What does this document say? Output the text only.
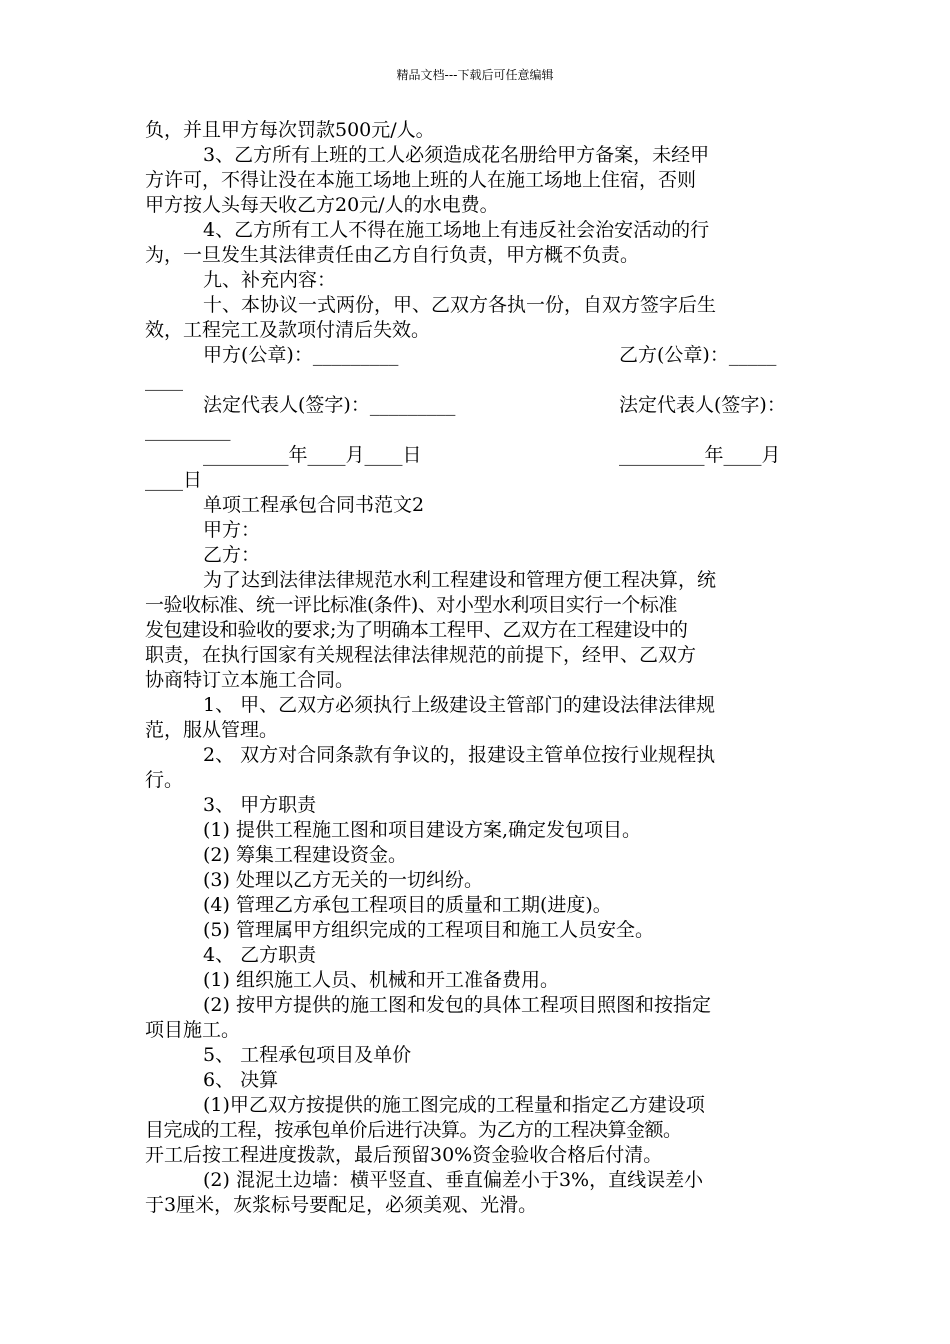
精品文档---下载后可任意编辑
负，并且甲方每次罚款500元/人。
3、乙方所有上班的工人必须造成花名册给甲方备案，未经甲
方许可，不得让没在本施工场地上班的人在施工场地上住宿，否则
甲方按人头每天收乙方20元/人的水电费。
4、乙方所有工人不得在施工场地上有违反社会治安活动的行
为，一旦发生其法律责任由乙方自行负责，甲方概不负责。
九、补充内容：
十、本协议一式两份，甲、乙双方各执一份，自双方签字后生
效，工程完工及款项付清后失效。
甲方(公章)：_________	乙方(公章)：_____
____
法定代表人(签字)：_________	法定代表人(签字)：
_________
_________年____月____日	_________年____月
____日
单项工程承包合同书范文2
甲方：
乙方：
为了达到法律法律规范水利工程建设和管理方便工程决算，统
一验收标准、统一评比标准(条件)、对小型水利项目实行一个标准
发包建设和验收的要求;为了明确本工程甲、乙双方在工程建设中的
职责，在执行国家有关规程法律法律规范的前提下，经甲、乙双方
协商特订立本施工合同。
1、 甲、乙双方必须执行上级建设主管部门的建设法律法律规
范，服从管理。
2、 双方对合同条款有争议的，报建设主管单位按行业规程执
行。
3、 甲方职责
(1) 提供工程施工图和项目建设方案,确定发包项目。
(2) 筹集工程建设资金。
(3) 处理以乙方无关的一切纠纷。
(4) 管理乙方承包工程项目的质量和工期(进度)。
(5) 管理属甲方组织完成的工程项目和施工人员安全。
4、 乙方职责
(1) 组织施工人员、机械和开工准备费用。
(2) 按甲方提供的施工图和发包的具体工程项目照图和按指定
项目施工。
5、 工程承包项目及单价
6、 决算
(1)甲乙双方按提供的施工图完成的工程量和指定乙方建设项
目完成的工程，按承包单价后进行决算。为乙方的工程决算金额。
开工后按工程进度拨款，最后预留30%资金验收合格后付清。
(2) 混泥土边墙：横平竖直、垂直偏差小于3%，直线误差小
于3厘米，灰浆标号要配足，必须美观、光滑。
